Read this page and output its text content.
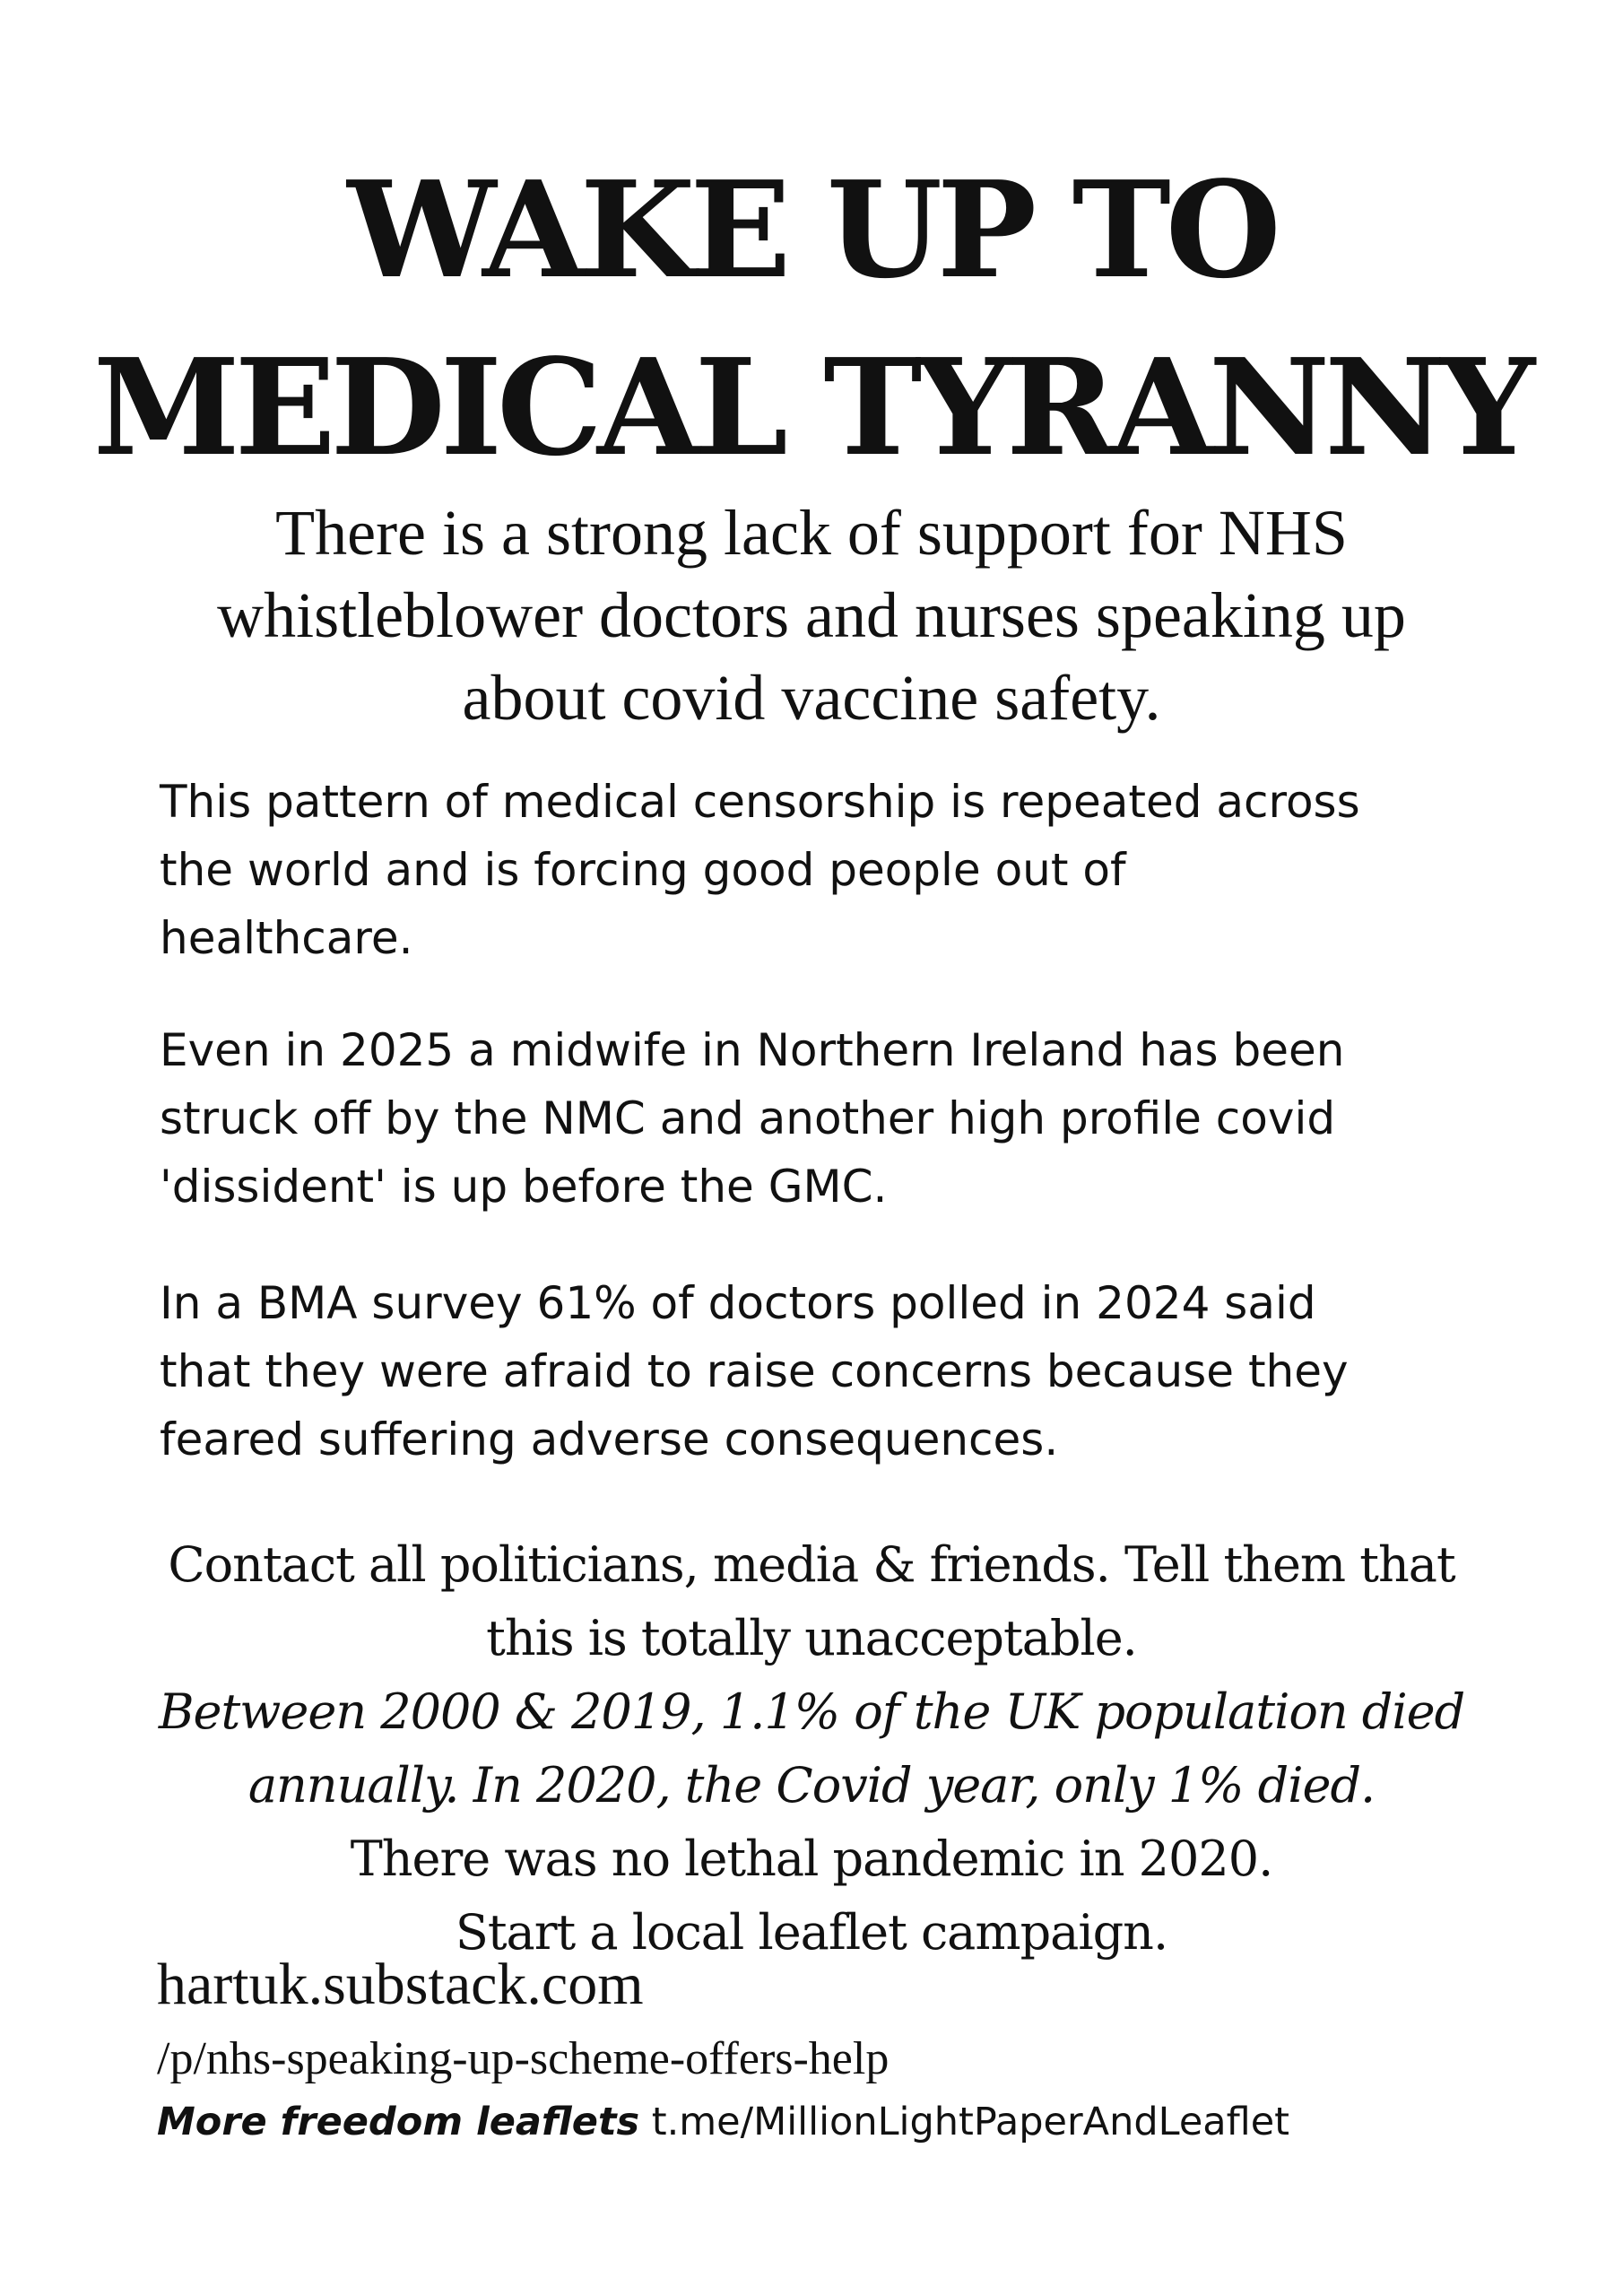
WAKE UP TO
MEDICAL TYRANNY
There is a strong lack of support for NHS
whistleblower doctors and nurses speaking up
about covid vaccine safety.
This pattern of medical censorship is repeated across
the world and is forcing good people out of
healthcare.
Even in 2025 a midwife in Northern Ireland has been
struck off by the NMC and another high profile covid
'dissident' is up before the GMC.
In a BMA survey 61% of doctors polled in 2024 said
that they were afraid to raise concerns because they
feared suffering adverse consequences.
Contact all politicians, media & friends. Tell them that
this is totally unacceptable.
Between 2000 & 2019, 1.1% of the UK population died
annually. In 2020, the Covid year, only 1% died.
There was no lethal pandemic in 2020.
Start a local leaflet campaign.
hartuk.substack.com
/p/nhs-speaking-up-scheme-offers-help
More freedom leaflets t.me/MillionLightPaperAndLeaflet
